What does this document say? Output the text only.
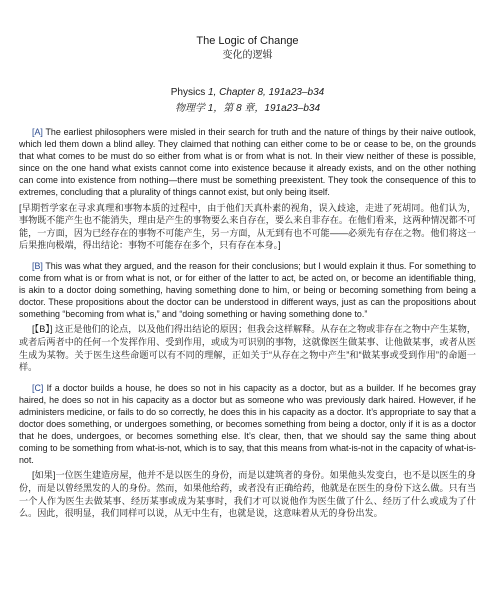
The Logic of Change

变化的逻辑

Physics 1, Chapter 8, 191a23–b34

物理学 1，第 8 章，191a23–b34

[A] The earliest philosophers were misled in their search for truth and the nature of things by their naive outlook, which led them down a blind alley. They claimed that nothing can either come to be or cease to be, on the grounds that what comes to be must do so either from what is or from what is not. In their view neither of these is possible, since on the one hand what exists cannot come into existence because it already exists, and on the other nothing can come into existence from nothing—there must be something preexistent. They took the consequence of this to extremes, concluding that a plurality of things cannot exist, but only being itself.

[早期哲学家在寻求真理和事物本质的过程中，由于他们天真朴素的视角，误入歧途，走进了死胡同。他们认为，事物既不能产生也不能消失，理由是产生的事物要么来自存在，要么来自非存在。在他们看来，这两种情况都不可能，一方面，因为已经存在的事物不可能产生，另一方面，从无到有也不可能——必须先有存在之物。他们将这一后果推向极端，得出结论：事物不可能存在多个，只有存在本身。]

[B] This was what they argued, and the reason for their conclusions; but I would explain it thus. For something to come from what is or from what is not, or for either of the latter to act, be acted on, or become an identifiable thing, is akin to a doctor doing something, having something done to him, or being or becoming something from being a doctor. These propositions about the doctor can be understood in different ways, just as can the propositions about something “becoming from what is,” and “doing something or having something done to.”

[【B】] 这正是他们的论点，以及他们得出结论的原因；但我会这样解释。从存在之物或非存在之物中产生某物，或者后两者中的任何一个发挥作用、受到作用，或成为可识别的事物，这就像医生做某事、让他做某事，或者从医生成为某物。关于医生这些命题可以有不同的理解，正如关于“从存在之物中产生”和“做某事或受到作用”的命题一样。

[C] If a doctor builds a house, he does so not in his capacity as a doctor, but as a builder. If he becomes gray haired, he does so not in his capacity as a doctor but as someone who was previously dark haired. However, if he administers medicine, or fails to do so correctly, he does this in his capacity as a doctor. It’s appropriate to say that a doctor does something, or undergoes something, or becomes something from being a doctor, only if it is as a doctor that he does, undergoes, or becomes something else. It’s clear, then, that we should say the same thing about coming to be something from what-is-not, which is to say, that this means from what-is-not in the capacity of what-is-not.

[如果]一位医生建造房屋，他并不是以医生的身份，而是以建筑者的身份。如果他头发变白，也不是以医生的身份，而是以曾经黑发的人的身份。然而，如果他给药，或者没有正确给药，他就是在医生的身份下这么做。只有当一个人作为医生去做某事、经历某事或成为某事时，我们才可以说他作为医生做了什么、经历了什么或成为了什么。因此，很明显，我们同样可以说，从无中生有，也就是说，这意味着从无的身份出发。
